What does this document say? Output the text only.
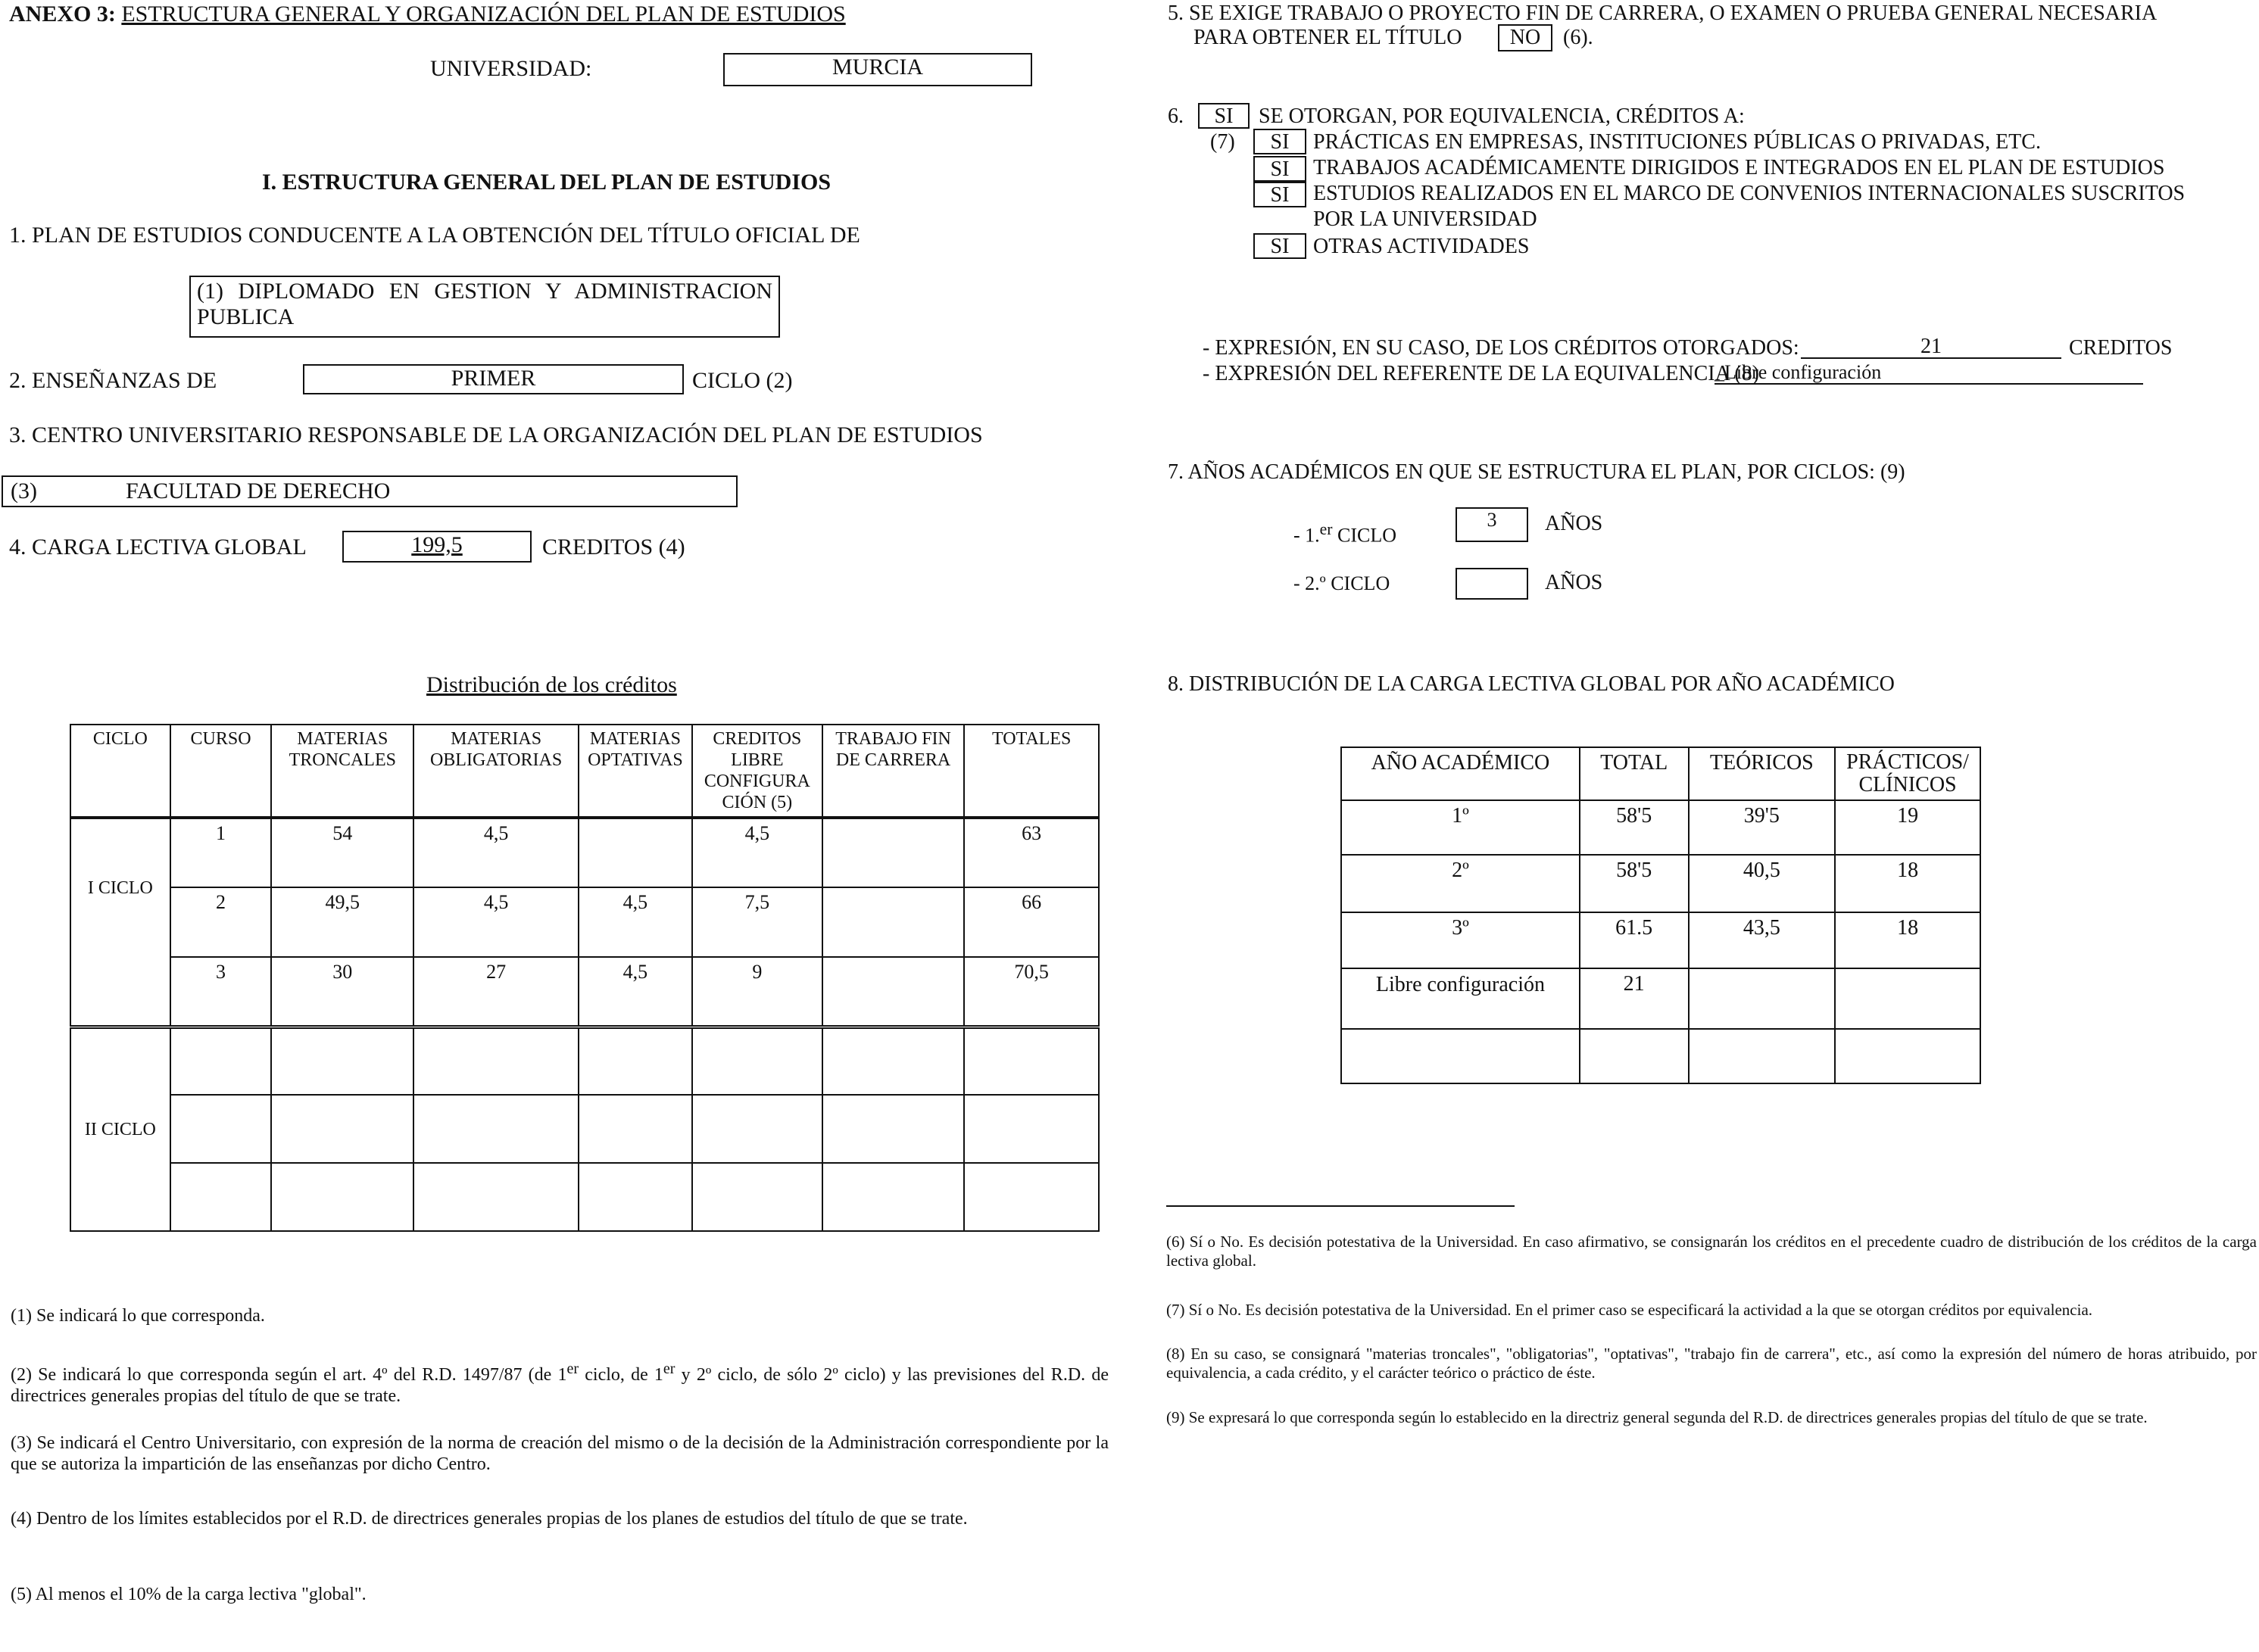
ANEXO 3: ESTRUCTURA GENERAL Y ORGANIZACIÓN DEL PLAN DE ESTUDIOS
UNIVERSIDAD:	MURCIA
I. ESTRUCTURA GENERAL DEL PLAN DE ESTUDIOS
1. PLAN DE ESTUDIOS CONDUCENTE A LA OBTENCIÓN DEL TÍTULO OFICIAL DE
(1) DIPLOMADO EN GESTION Y ADMINISTRACION PUBLICA
2. ENSEÑANZAS DE	PRIMER	CICLO (2)
3. CENTRO UNIVERSITARIO RESPONSABLE DE LA ORGANIZACIÓN DEL PLAN DE ESTUDIOS
(3)	FACULTAD DE DERECHO
4. CARGA LECTIVA GLOBAL	199,5	CREDITOS (4)
Distribución de los créditos
CICLO	CURSO	MATERIAS TRONCALES	MATERIAS OBLIGATORIAS	MATERIAS OPTATIVAS	CREDITOS LIBRE CONFIGURA CIÓN (5)	TRABAJO FIN DE CARRERA	TOTALES
I CICLO	1	54	4,5		4,5		63
	2	49,5	4,5	4,5	7,5		66
	3	30	27	4,5	9		70,5
II CICLO							

(1) Se indicará lo que corresponda.
(2) Se indicará lo que corresponda según el art. 4º del R.D. 1497/87 (de 1er ciclo, de 1er y 2º ciclo, de sólo 2º ciclo) y las previsiones del R.D. de directrices generales propias del título de que se trate.
(3) Se indicará el Centro Universitario, con expresión de la norma de creación del mismo o de la decisión de la Administración correspondiente por la que se autoriza la impartición de las enseñanzas por dicho Centro.
(4) Dentro de los límites establecidos por el R.D. de directrices generales propias de los planes de estudios del título de que se trate.
(5) Al menos el 10% de la carga lectiva "global".
5. SE EXIGE TRABAJO O PROYECTO FIN DE CARRERA, O EXAMEN O PRUEBA GENERAL NECESARIA
PARA OBTENER EL TÍTULO	NO	(6).
6.	SI	SE OTORGAN, POR EQUIVALENCIA, CRÉDITOS A:
(7)	SI	PRÁCTICAS EN EMPRESAS, INSTITUCIONES PÚBLICAS O PRIVADAS, ETC.
SI	TRABAJOS ACADÉMICAMENTE DIRIGIDOS E INTEGRADOS EN EL PLAN DE ESTUDIOS
SI	ESTUDIOS REALIZADOS EN EL MARCO DE CONVENIOS INTERNACIONALES SUSCRITOS
POR LA UNIVERSIDAD
SI	OTRAS ACTIVIDADES
- EXPRESIÓN, EN SU CASO, DE LOS CRÉDITOS OTORGADOS:	21	CREDITOS
- EXPRESIÓN DEL REFERENTE DE LA EQUIVALENCIA (8)
_Libre configuración
7. AÑOS ACADÉMICOS EN QUE SE ESTRUCTURA EL PLAN, POR CICLOS: (9)
- 1.$^{er}$ CICLO
3	AÑOS
- 2.º CICLO	AÑOS
8. DISTRIBUCIÓN DE LA CARGA LECTIVA GLOBAL POR AÑO ACADÉMICO
AÑO ACADÉMICO	TOTAL	TEÓRICOS	PRÁCTICOS/ CLÍNICOS
1º	58'5	39'5	19
2º	58'5	40,5	18
3º	61.5	43,5	18
Libre configuración	21		

(6) Sí o No. Es decisión potestativa de la Universidad. En caso afirmativo, se consignarán los créditos en el precedente cuadro de distribución de los créditos de la carga lectiva global.
(7) Sí o No. Es decisión potestativa de la Universidad. En el primer caso se especificará la actividad a la que se otorgan créditos por equivalencia.
(8) En su caso, se consignará "materias troncales", "obligatorias", "optativas", "trabajo fin de carrera", etc., así como la expresión del número de horas atribuido, por equivalencia, a cada crédito, y el carácter teórico o práctico de éste.
(9) Se expresará lo que corresponda según lo establecido en la directriz general segunda del R.D. de directrices generales propias del título de que se trate.
